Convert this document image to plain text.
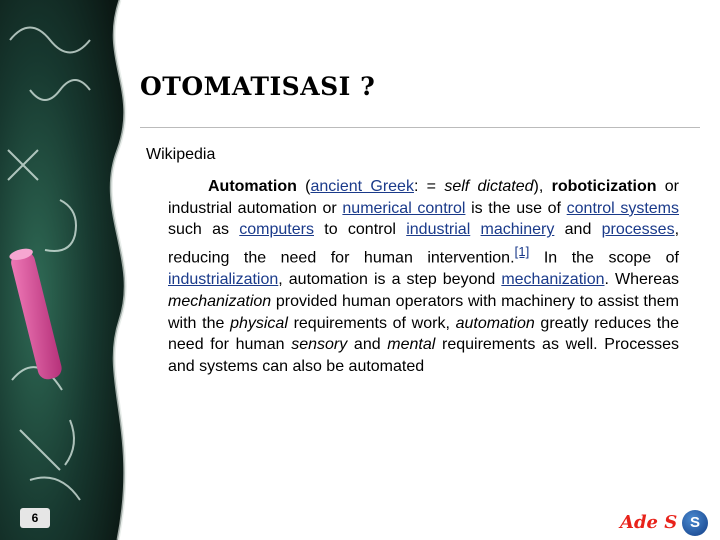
OTOMATISASI ?
Wikipedia
Automation (ancient Greek: = self dictated), roboticization or industrial automation or numerical control is the use of control systems such as computers to control industrial machinery and processes, reducing the need for human intervention.[1] In the scope of industrialization, automation is a step beyond mechanization. Whereas mechanization provided human operators with machinery to assist them with the physical requirements of work, automation greatly reduces the need for human sensory and mental requirements as well. Processes and systems can also be automated
6	Ade S S
